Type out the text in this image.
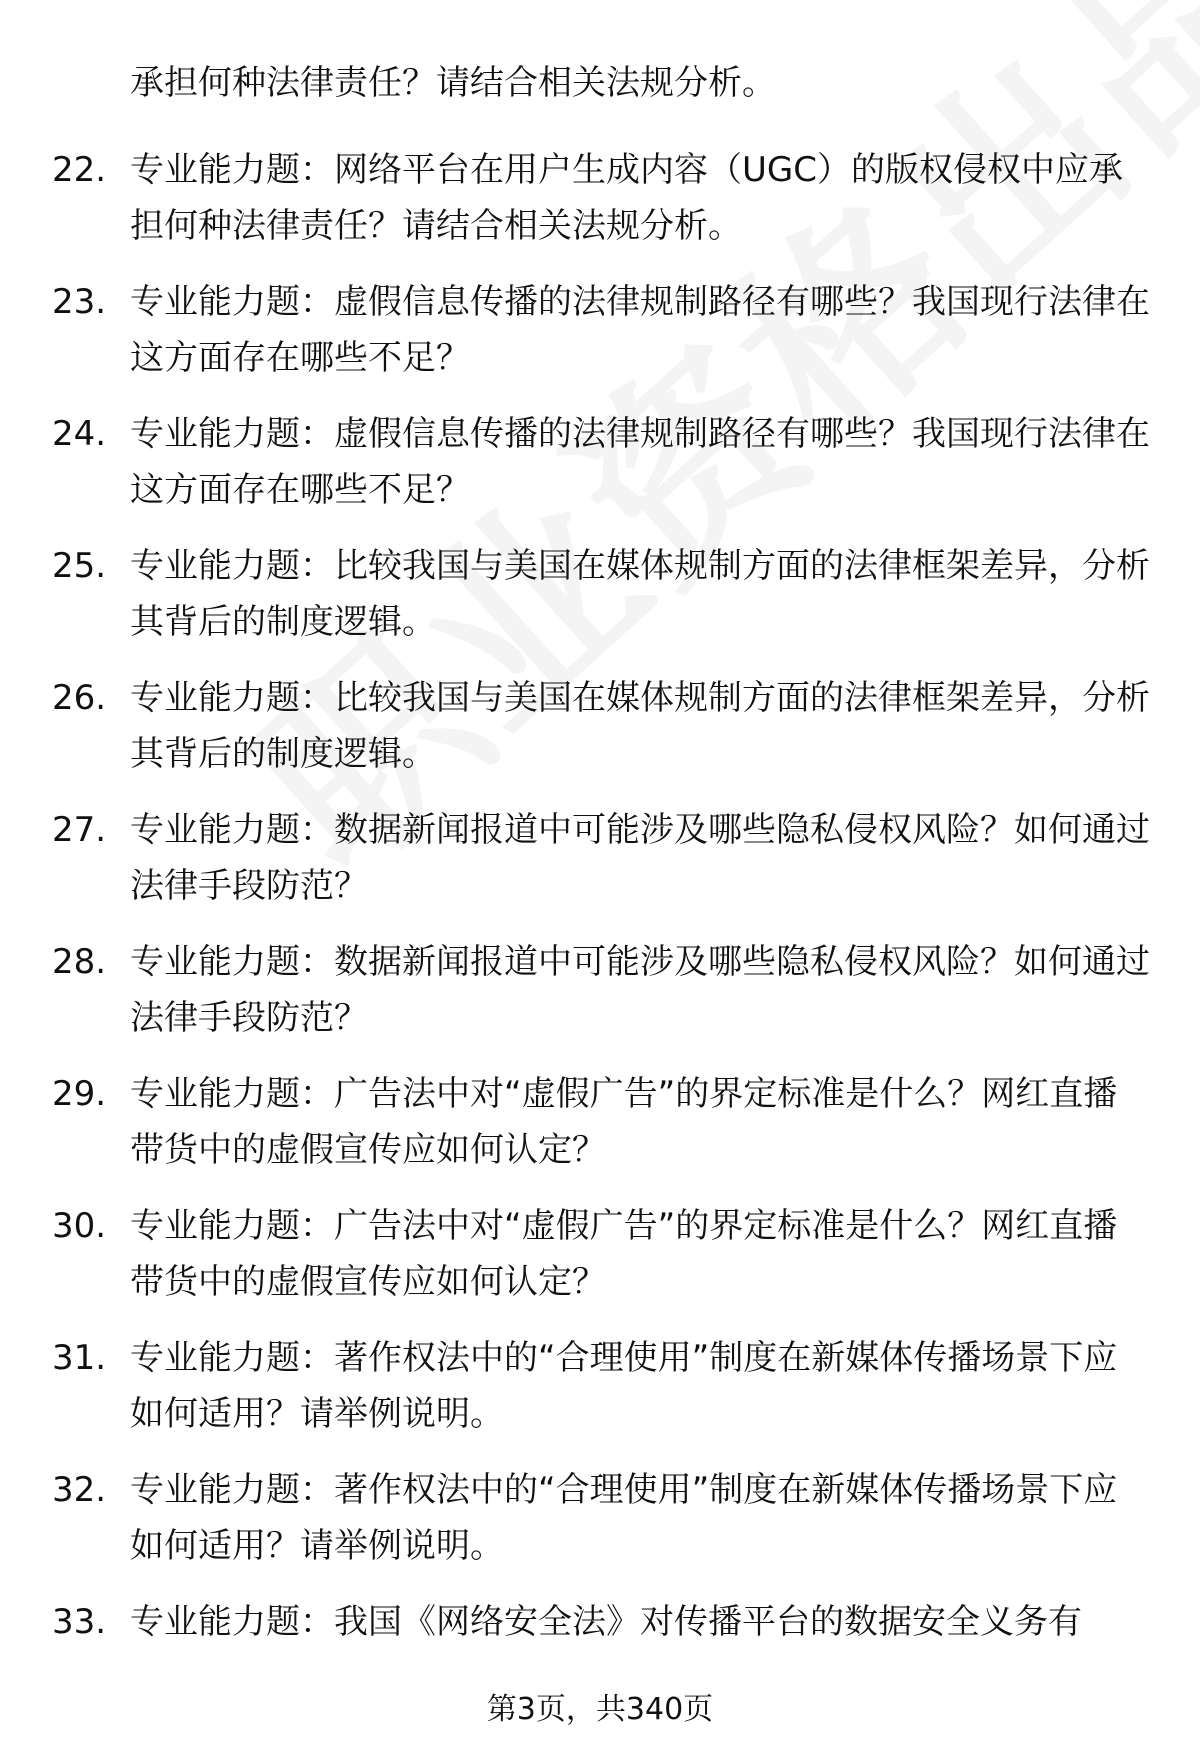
承担何种法律责任？请结合相关法规分析。
22. 专业能力题：网络平台在用户生成内容（UGC）的版权侵权中应承担何种法律责任？请结合相关法规分析。
23. 专业能力题：虚假信息传播的法律规制路径有哪些？我国现行法律在这方面存在哪些不足？
24. 专业能力题：虚假信息传播的法律规制路径有哪些？我国现行法律在这方面存在哪些不足？
25. 专业能力题：比较我国与美国在媒体规制方面的法律框架差异，分析其背后的制度逻辑。
26. 专业能力题：比较我国与美国在媒体规制方面的法律框架差异，分析其背后的制度逻辑。
27. 专业能力题：数据新闻报道中可能涉及哪些隐私侵权风险？如何通过法律手段防范？
28. 专业能力题：数据新闻报道中可能涉及哪些隐私侵权风险？如何通过法律手段防范？
29. 专业能力题：广告法中对“虚假广告”的界定标准是什么？网红直播带货中的虚假宣传应如何认定？
30. 专业能力题：广告法中对“虚假广告”的界定标准是什么？网红直播带货中的虚假宣传应如何认定？
31. 专业能力题：著作权法中的“合理使用”制度在新媒体传播场景下应如何适用？请举例说明。
32. 专业能力题：著作权法中的“合理使用”制度在新媒体传播场景下应如何适用？请举例说明。
33. 专业能力题：我国《网络安全法》对传播平台的数据安全义务有
第3页，共340页
